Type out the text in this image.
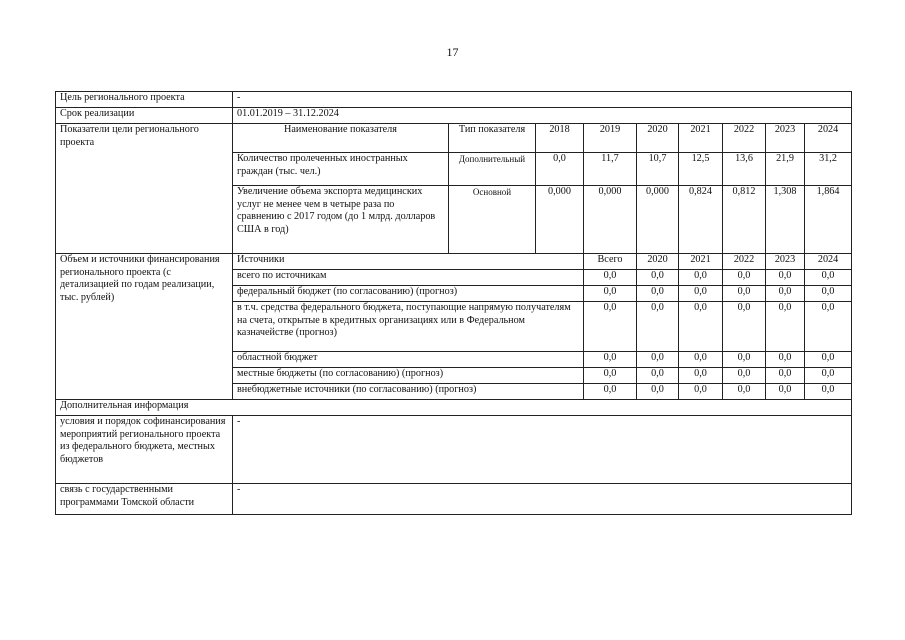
17
Цель регионального проекта	-								
Срок реализации	01.01.2019 – 31.12.2024								
Показатели цели регионального проекта	Наименование показателя	Тип показателя	2018	2019	2020	2021	2022	2023	2024
	Количество пролеченных иностранных граждан (тыс. чел.)	Дополнительный	0,0	11,7	10,7	12,5	13,6	21,9	31,2
	Увеличение объема экспорта медицинских услуг не менее чем в четыре раза по сравнению с 2017 годом (до 1 млрд. долларов США в год)	Основной	0,000	0,000	0,000	0,824	0,812	1,308	1,864
Объем и источники финансирования регионального проекта (с детализацией по годам реализации, тыс. рублей)	Источники			Всего	2020	2021	2022	2023	2024
	всего по источникам			0,0	0,0	0,0	0,0	0,0	0,0
	федеральный бюджет (по согласованию) (прогноз)			0,0	0,0	0,0	0,0	0,0	0,0
	в т.ч. средства федерального бюджета, поступающие напрямую получателям на счета, открытые в кредитных организациях или в Федеральном казначействе (прогноз)			0,0	0,0	0,0	0,0	0,0	0,0
	областной бюджет			0,0	0,0	0,0	0,0	0,0	0,0
	местные бюджеты (по согласованию) (прогноз)			0,0	0,0	0,0	0,0	0,0	0,0
	внебюджетные источники (по согласованию) (прогноз)			0,0	0,0	0,0	0,0	0,0	0,0
Дополнительная информация									
условия и порядок софинансирования мероприятий регионального проекта из федерального бюджета, местных бюджетов	-								
связь с государственными программами Томской области	-								
